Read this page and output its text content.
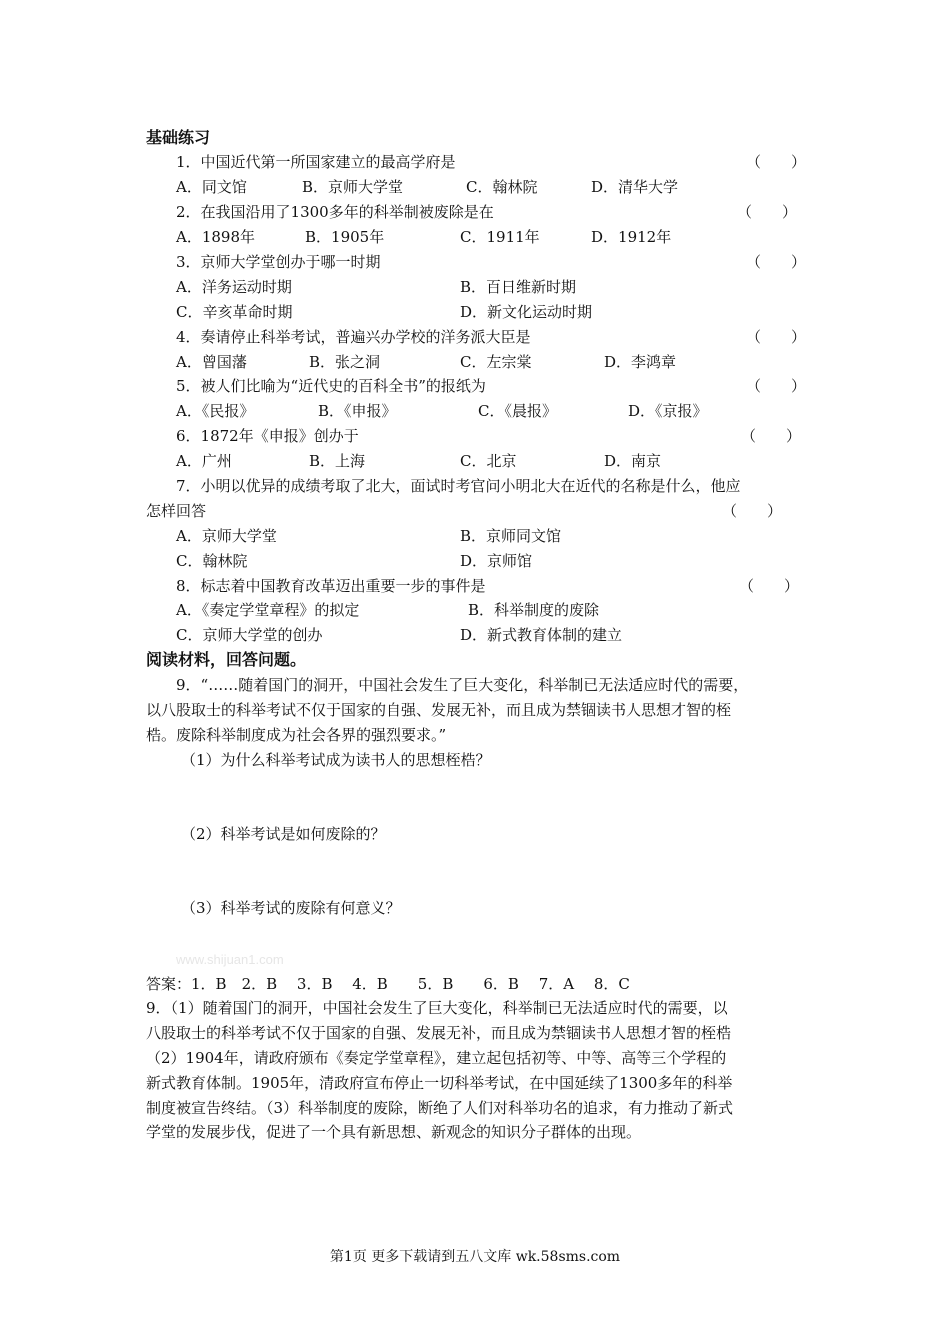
基础练习
1．中国近代第一所国家建立的最高学府是	（　　）
A．同文馆	B．京师大学堂	C．翰林院	D．清华大学
2．在我国沿用了1300多年的科举制被废除是在	（　　）
A．1898年	B．1905年	C．1911年	D．1912年
3．京师大学堂创办于哪一时期	（　　）
A．洋务运动时期	B．百日维新时期
C．辛亥革命时期	D．新文化运动时期
4．奏请停止科举考试，普遍兴办学校的洋务派大臣是	（　　）
A．曾国藩	B．张之洞	C．左宗棠	D．李鸿章
5．被人们比喻为“近代史的百科全书”的报纸为	（　　）
A．《民报》	B．《申报》	C．《晨报》	D．《京报》
6．1872年《申报》创办于	（　　）
A．广州	B．上海	C．北京	D．南京
7．小明以优异的成绩考取了北大，面试时考官问小明北大在近代的名称是什么，他应
怎样回答	（　　）
A．京师大学堂	B．京师同文馆
C．翰林院	D．京师馆
8．标志着中国教育改革迈出重要一步的事件是	（　　）
A．《奏定学堂章程》的拟定	B．科举制度的废除
C．京师大学堂的创办	D．新式教育体制的建立
阅读材料，回答问题。
9．“……随着国门的洞开，中国社会发生了巨大变化，科举制已无法适应时代的需要，
以八股取士的科举考试不仅于国家的自强、发展无补，而且成为禁锢读书人思想才智的桎
梏。废除科举制度成为社会各界的强烈要求。”
（1）为什么科举考试成为读书人的思想桎梏？
（2）科举考试是如何废除的？
（3）科举考试的废除有何意义？
www.shijuan1.com
答案：1．B　2．B　 3．B　 4．B　　5．B　　6．B　 7．A　 8．C
9．（1）随着国门的洞开，中国社会发生了巨大变化，科举制已无法适应时代的需要，以
八股取士的科举考试不仅于国家的自强、发展无补，而且成为禁锢读书人思想才智的桎梏
（2）1904年，请政府颁布《奏定学堂章程》，建立起包括初等、中等、高等三个学程的
新式教育体制。1905年，清政府宣布停止一切科举考试，在中国延续了1300多年的科举
制度被宣告终结。（3）科举制度的废除，断绝了人们对科举功名的追求，有力推动了新式
学堂的发展步伐，促进了一个具有新思想、新观念的知识分子群体的出现。
第1页 更多下载请到五八文库 wk.58sms.com
